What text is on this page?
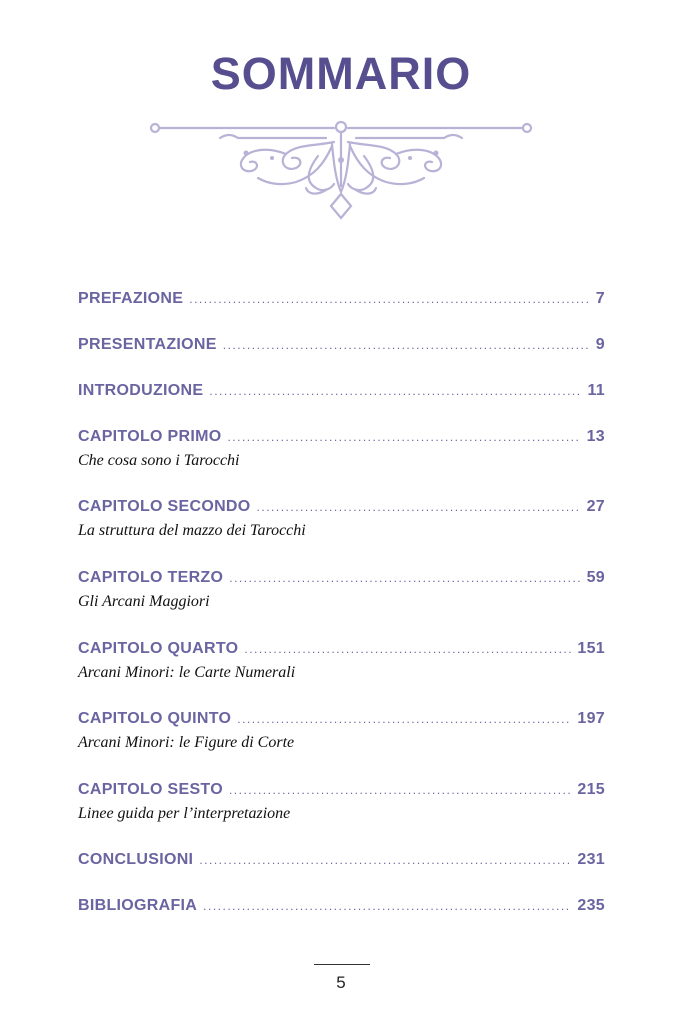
SOMMARIO
PREFAZIONE .....	7
PRESENTAZIONE .....	9
INTRODUZIONE .....	11
CAPITOLO PRIMO .....	13
Che cosa sono i Tarocchi
CAPITOLO SECONDO .....	27
La struttura del mazzo dei Tarocchi
CAPITOLO TERZO .....	59
Gli Arcani Maggiori
CAPITOLO QUARTO .....	151
Arcani Minori: le Carte Numerali
CAPITOLO QUINTO .....	197
Arcani Minori: le Figure di Corte
CAPITOLO SESTO .....	215
Linee guida per l’interpretazione
CONCLUSIONI .....	231
BIBLIOGRAFIA .....	235
5
